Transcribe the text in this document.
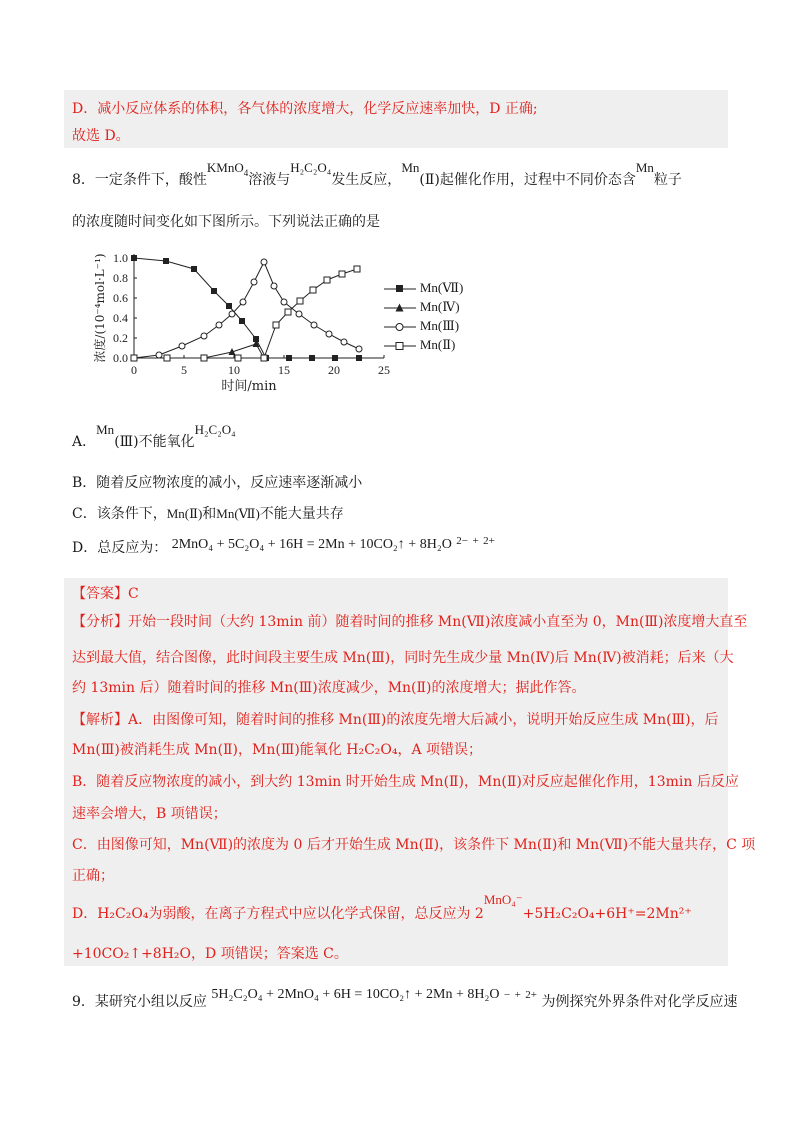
D．减小反应体系的体积，各气体的浓度增大，化学反应速率加快，D 正确;
故选 D。
8．一定条件下，酸性KMnO$_4$溶液与H₂C₂O₄发生反应，Mn(Ⅱ)起催化作用，过程中不同价态含Mn粒子
的浓度随时间变化如下图所示。下列说法正确的是
0	5	10	15	20	25
0.0
0.2
0.4
0.6
0.8
1.0
时间/min
浓度/(10⁻⁴mol·L⁻¹)	Mn(Ⅶ)
Mn(Ⅳ)
Mn(Ⅲ)
Mn(Ⅱ)
A．Mn(Ⅲ)不能氧化H₂C₂O₄
B．随着反应物浓度的减小，反应速率逐渐减小
C．该条件下，Mn(Ⅱ)和Mn(Ⅶ)不能大量共存
D．总反应为： 2MnO₄ + 5C₂O₄ + 16H = 2Mn + 10CO₂↑ + 8H₂O $^{2-}$ + $^{2+}$
【答案】C
【分析】开始一段时间（大约 13min 前）随着时间的推移 Mn(Ⅶ)浓度减小直至为 0，Mn(Ⅲ)浓度增大直至
达到最大值，结合图像，此时间段主要生成 Mn(Ⅲ)，同时先生成少量 Mn(Ⅳ)后 Mn(Ⅳ)被消耗；后来（大
约 13min 后）随着时间的推移 Mn(Ⅲ)浓度减少，Mn(Ⅱ)的浓度增大；据此作答。
【解析】A．由图像可知，随着时间的推移 Mn(Ⅲ)的浓度先增大后减小，说明开始反应生成 Mn(Ⅲ)，后
Mn(Ⅲ)被消耗生成 Mn(Ⅱ)，Mn(Ⅲ)能氧化 H₂C₂O₄，A 项错误；
B．随着反应物浓度的减小，到大约 13min 时开始生成 Mn(Ⅱ)，Mn(Ⅱ)对反应起催化作用，13min 后反应
速率会增大，B 项错误；
C．由图像可知，Mn(Ⅶ)的浓度为 0 后才开始生成 Mn(Ⅱ)，该条件下 Mn(Ⅱ)和 Mn(Ⅶ)不能大量共存，C 项
正确；
D．H₂C₂O₄为弱酸，在离子方程式中应以化学式保留，总反应为 2MnO₄⁻+5H₂C₂O₄+6H⁺=2Mn²⁺
+10CO₂↑+8H₂O，D 项错误；答案选 C。
9．某研究小组以反应 5H₂C₂O₄ + 2MnO₄ + 6H = 10CO₂↑ + 2Mn + 8H₂O − + $^{2+}$ 为例探究外界条件对化学反应速
